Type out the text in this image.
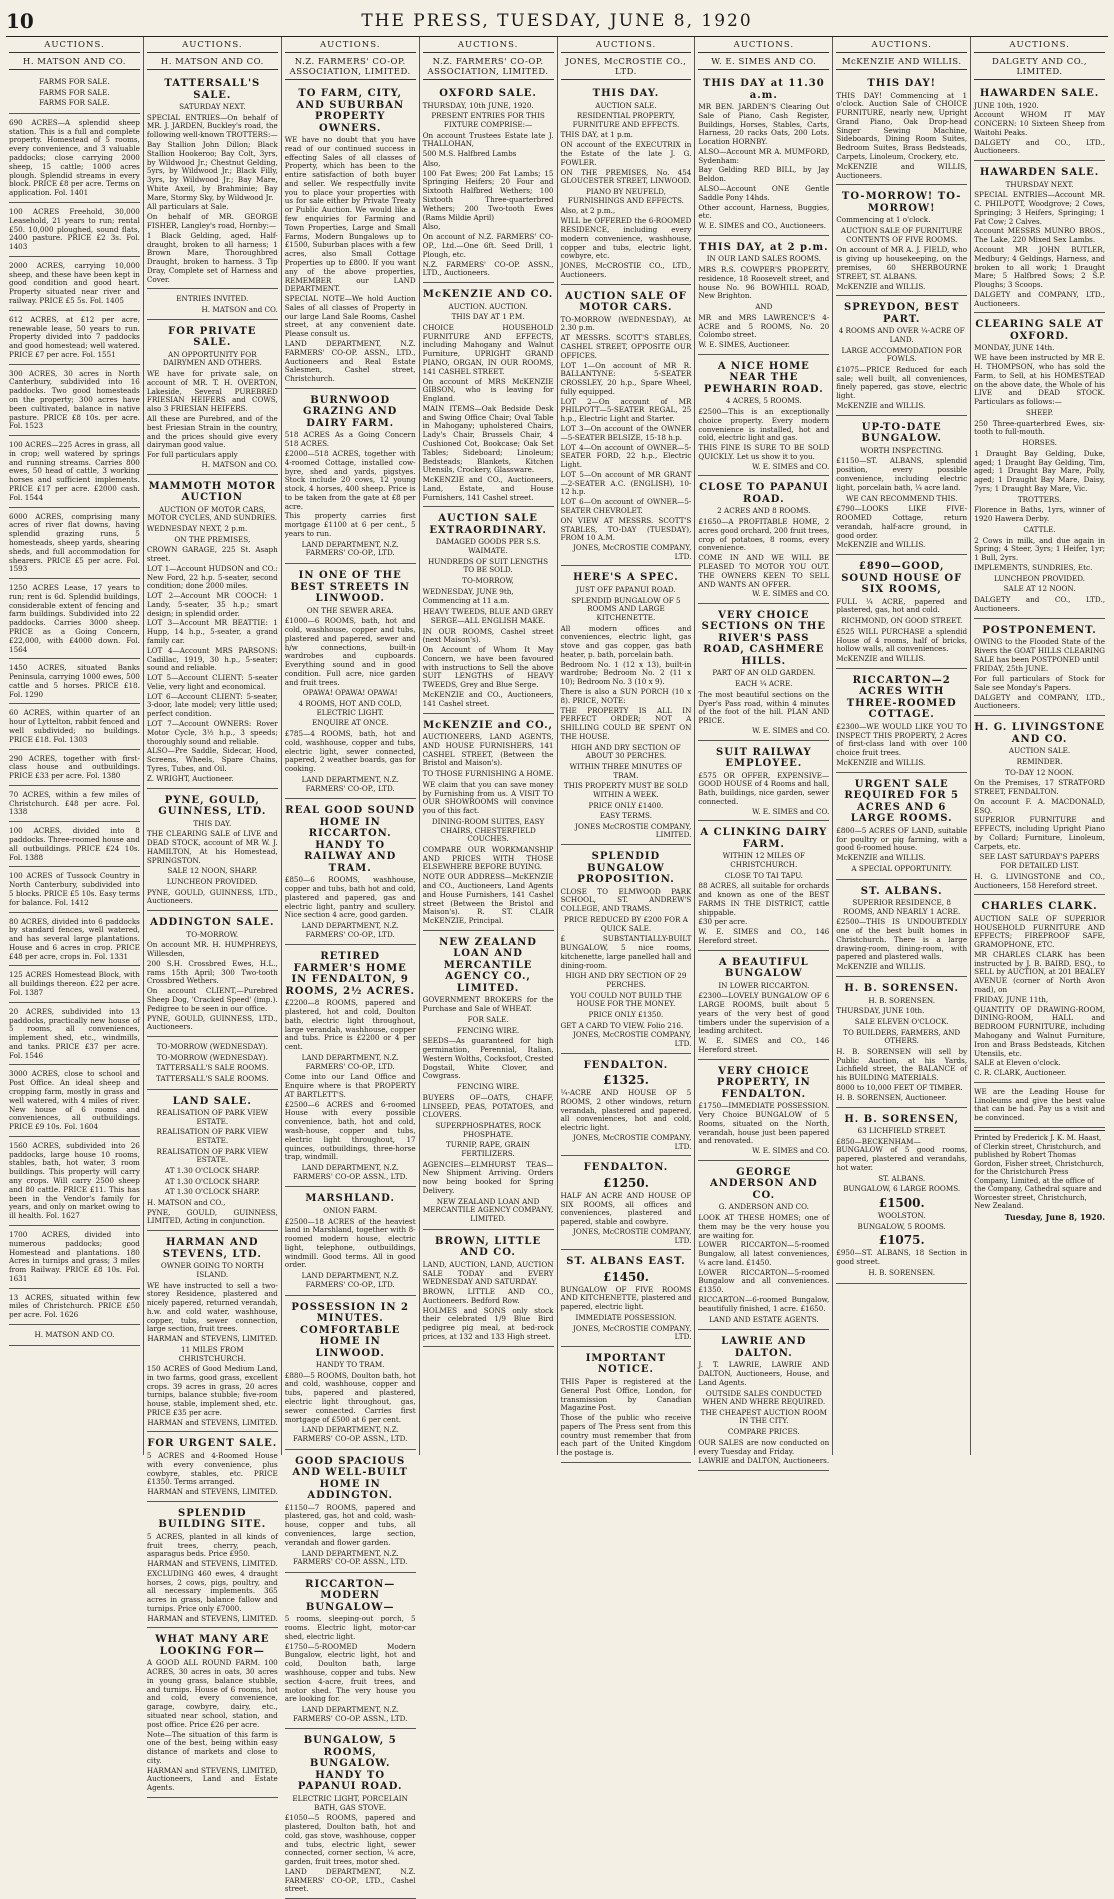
10	THE PRESS, TUESDAY, JUNE 8, 1920
AUCTIONS.
H. MATSON AND CO.
FARMS FOR SALE.
FARMS FOR SALE.
FARMS FOR SALE.
690 ACRES—A splendid sheep station. This is a full and complete property. Homestead of 5 rooms, every convenience, and 3 valuable paddocks; close carrying 2000 sheep, 15 cattle; 1000 acres plough. Splendid streams in every block. PRICE £8 per acre. Terms on application. Fol. 1401
100 ACRES Freehold, 30,000 Leasehold, 21 years to run; rental £50. 10,000 ploughed, sound flats, 2400 pasture. PRICE £2 3s. Fol. 1403
2000 ACRES, carrying 10,000 sheep, and these have been kept in good condition and good heart. Property situated near river and railway. PRICE £5 5s. Fol. 1405
612 ACRES, at £12 per acre, renewable lease, 50 years to run. Property divided into 7 paddocks and good homestead; well watered. PRICE £7 per acre. Fol. 1551
300 ACRES, 30 acres in North Canterbury, subdivided into 16 paddocks. Two good homesteads on the property; 300 acres have been cultivated, balance in native pasture. PRICE £8 10s. per acre. Fol. 1523
100 ACRES—225 Acres in grass, all in crop; well watered by springs and running streams. Carries 800 ewes, 50 head of cattle, 3 working horses and sufficient implements. PRICE £17 per acre. £2000 cash. Fol. 1544
6000 ACRES, comprising many acres of river flat downs, having splendid grazing runs, 5 homesteads, sheep yards, shearing sheds, and full accommodation for shearers. PRICE £5 per acre. Fol. 1593
1250 ACRES Lease, 17 years to run; rent is 6d. Splendid buildings, considerable extent of fencing and farm buildings. Subdivided into 22 paddocks. Carries 3000 sheep. PRICE as a Going Concern, £22,000, with £4000 down. Fol. 1564
1450 ACRES, situated Banks Peninsula, carrying 1000 ewes, 500 cattle and 5 horses. PRICE £18. Fol. 1290
60 ACRES, within quarter of an hour of Lyttelton, rabbit fenced and well subdivided; no buildings. PRICE £18. Fol. 1303
290 ACRES, together with first-class house and outbuildings. PRICE £33 per acre. Fol. 1380
70 ACRES, within a few miles of Christchurch. £48 per acre. Fol. 1338
100 ACRES, divided into 8 paddocks. Three-roomed house and all outbuildings. PRICE £24 10s. Fol. 1388
100 ACRES of Tussock Country in North Canterbury, subdivided into 5 blocks. PRICE £5 10s. Easy terms for balance. Fol. 1412
80 ACRES, divided into 6 paddocks by standard fences, well watered, and has several large plantations. House and 6 acres in crop. PRICE £48 per acre, crops in. Fol. 1331
125 ACRES Homestead Block, with all buildings thereon. £22 per acre. Fol. 1387
20 ACRES, subdivided into 13 paddocks, practically new house of 5 rooms, all conveniences, implement shed, etc., windmills, and tanks. PRICE £37 per acre. Fol. 1546
3000 ACRES, close to school and Post Office. An ideal sheep and cropping farm, mostly in grass and well watered, with 4 miles of river. New house of 6 rooms and conveniences, all outbuildings. PRICE £9 10s. Fol. 1604
1560 ACRES, subdivided into 26 paddocks, large house 10 rooms, stables, bath, hot water, 3 room buildings. This property will carry any crops. Will carry 2500 sheep and 80 cattle. PRICE £11. This has been in the Vendor's family for years, and only on market owing to ill health. Fol. 1627
1700 ACRES, divided into numerous paddocks; good Homestead and plantations. 180 Acres in turnips and grass; 3 miles from Railway. PRICE £8 10s. Fol. 1631
13 ACRES, situated within few miles of Christchurch. PRICE £50 per acre. Fol. 1626
H. MATSON AND CO.
AUCTIONS.
H. MATSON AND CO.
TATTERSALL'S SALE.
SATURDAY NEXT.
SPECIAL ENTRIES—On behalf of MR. J. JARDEN, Buckley's road, the following well-known TROTTERS:—
Bay Stallion John Dillon; Black Stallion Hookeroo; Bay Colt, 3yrs, by Wildwood Jr.; Chestnut Gelding, 5yrs, by Wildwood Jr.; Black Filly, 3yrs, by Wildwood Jr.; Bay Mare, White Axeil, by Brahminie; Bay Mare, Stormy Sky, by Wildwood Jr.
All particulars at Sale.
On behalf of MR. GEORGE FISHER, Langley's road, Hornby:—
1 Black Gelding, aged, Half-draught, broken to all harness; 1 Brown Mare, Thoroughbred Draught, broken to harness. 3 Tip Dray, Complete set of Harness and Cover.
ENTRIES INVITED.
H. MATSON and CO.
FOR PRIVATE SALE.
AN OPPORTUNITY FOR DAIRYMEN AND OTHERS.
WE have for private sale, on account of MR. T. H. OVERTON, Lakeside, Several PUREBRED FRIESIAN HEIFERS and COWS, also 3 FRIESIAN HEIFERS.
All these are Purebred, and of the best Friesian Strain in the country, and the prices should give every dairyman good value.
For full particulars apply
H. MATSON and CO.
MAMMOTH MOTOR AUCTION
AUCTION OF MOTOR CARS, MOTOR CYCLES, AND SUNDRIES.
WEDNESDAY NEXT, 2 p.m.
ON THE PREMISES,
CROWN GARAGE, 225 St. Asaph street.
LOT 1—Account HUDSON and CO.: New Ford, 22 h.p. 5-seater, second condition; done 2000 miles.
LOT 2—Account MR COOCH: 1 Landy, 5-seater, 35 h.p.; smart design; in splendid order.
LOT 3—Account MR BEATTIE: 1 Hupp, 14 h.p., 5-seater, a grand family car.
LOT 4—Account MRS PARSONS: Cadillac, 1919, 30 h.p., 5-seater; sound and reliable.
LOT 5—Account CLIENT: 5-seater Velie, very light and economical.
LOT 6—Account CLIENT: 5-seater, 3-door, late model; very little used; perfect condition.
LOT 7—Account OWNERS: Rover Motor Cycle, 3½ h.p., 3 speeds; thoroughly sound and reliable.
ALSO—Pre Saddle, Sidecar, Hood, Screens, Wheels, Spare Chains, Tyres, Tubes, and Oil.
Z. WRIGHT, Auctioneer.
PYNE, GOULD, GUINNESS, LTD.
THIS DAY.
THE CLEARING SALE of LIVE and DEAD STOCK, account of MR W. J. HAMILTON, At his Homestead, SPRINGSTON.
SALE 12 NOON, SHARP.
LUNCHEON PROVIDED.
PYNE, GOULD, GUINNESS, LTD., Auctioneers.
ADDINGTON SALE.
TO-MORROW.
On account MR. H. HUMPHREYS, Willesden,
200 S.H. Crossbred Ewes, H.L., rams 15th April; 300 Two-tooth Crossbred Wethers.
On account CLIENT,—Purebred Sheep Dog, 'Cracked Speed' (imp.). Pedigree to be seen in our office.
PYNE, GOULD, GUINNESS, LTD., Auctioneers.
TO-MORROW (WEDNESDAY).
TO-MORROW (WEDNESDAY).
TATTERSALL'S SALE ROOMS.
TATTERSALL'S SALE ROOMS.
LAND SALE.
REALISATION OF PARK VIEW ESTATE.
REALISATION OF PARK VIEW ESTATE.
REALISATION OF PARK VIEW ESTATE.
AT 1.30 O'CLOCK SHARP.
AT 1.30 O'CLOCK SHARP.
AT 1.30 O'CLOCK SHARP.
H. MATSON and CO.,
PYNE, GOULD, GUINNESS, LIMITED, Acting in conjunction.
HARMAN AND STEVENS, LTD.
OWNER GOING TO NORTH ISLAND.
WE have instructed to sell a two-storey Residence, plastered and nicely papered, returned verandah, h.w. and cold water, washhouse, copper, tubs, sewer connection, large section, fruit trees.
HARMAN and STEVENS, LIMITED.
11 MILES FROM CHRISTCHURCH.
150 ACRES of Good Medium Land, in two farms, good grass, excellent crops. 39 acres in grass, 20 acres turnips, balance stubble; five-room house, stable, implement shed, etc. PRICE £35 per acre.
HARMAN and STEVENS, LIMITED.
FOR URGENT SALE.
5 ACRES and 4-Roomed House with every convenience, plus cowbyre, stables, etc. PRICE £1350. Terms arranged.
HARMAN and STEVENS, LIMITED.
SPLENDID BUILDING SITE.
5 ACRES, planted in all kinds of fruit trees, cherry, peach, asparagus beds. Price £950.
HARMAN and STEVENS, LIMITED.
EXCLUDING 460 ewes, 4 draught horses, 2 cows, pigs, poultry, and all necessary implements. 365 acres in grass, balance fallow and turnips. Price only £7000.
HARMAN and STEVENS, LIMITED.
WHAT MANY ARE LOOKING FOR—
A GOOD ALL ROUND FARM. 100 ACRES, 30 acres in oats, 30 acres in young grass, balance stubble, and turnips. House of 6 rooms, hot and cold, every convenience, garage, cowbyre, dairy, etc., situated near school, station, and post office. Price £26 per acre.
Note—The situation of this farm is one of the best, being within easy distance of markets and close to city.
HARMAN and STEVENS, LIMITED, Auctioneers, Land and Estate Agents.
AUCTIONS.
N.Z. FARMERS' CO-OP. ASSOCIATION, LIMITED.
TO FARM, CITY, AND SUBURBAN PROPERTY OWNERS.
WE have no doubt that you have read of our continued success in effecting Sales of all classes of Property, which has been to the entire satisfaction of both buyer and seller. We respectfully invite you to place your properties with us for sale either by Private Treaty or Public Auction. We would like a few enquiries for Farming and Town Properties, Large and Small Farms, Modern Bungalows up to £1500, Suburban places with a few acres, also Small Cottage Properties up to £800. If you want any of the above properties, REMEMBER our LAND DEPARTMENT.
SPECIAL NOTE—We hold Auction Sales of all classes of Property in our large Land Sale Rooms, Cashel street, at any convenient date. Please consult us.
LAND DEPARTMENT, N.Z. FARMERS' CO-OP. ASSN., LTD., Auctioneers and Real Estate Salesmen, Cashel street, Christchurch.
BURNWOOD GRAZING AND DAIRY FARM.
518 ACRES As a Going Concern 518 ACRES.
£2000—518 ACRES, together with 4-roomed Cottage, installed cow-byre, shed and yards, pigstyes. Stock include 20 cows, 12 young stock, 4 horses, 400 sheep. Price is to be taken from the gate at £8 per acre.
This property carries first mortgage £1100 at 6 per cent., 5 years to run.
LAND DEPARTMENT, N.Z. FARMERS' CO-OP., LTD.
IN ONE OF THE BEST STREETS IN LINWOOD.
ON THE SEWER AREA.
£1000—6 ROOMS, bath, hot and cold, washhouse, copper and tubs, plastered and papered, sewer and h/w connections, built-in wardrobes and cupboards. Everything sound and in good condition. Full acre, nice garden and fruit trees.
OPAWA! OPAWA! OPAWA!
4 ROOMS, HOT AND COLD, ELECTRIC LIGHT.
ENQUIRE AT ONCE.
£785—4 ROOMS, bath, hot and cold, washhouse, copper and tubs, electric light, sewer connected, papered, 2 weather boards, gas for cooking.
LAND DEPARTMENT, N.Z. FARMERS' CO-OP., LTD.
REAL GOOD SOUND HOME IN RICCARTON. HANDY TO RAILWAY AND TRAM.
£850—6 ROOMS, washhouse, copper and tubs, bath hot and cold, plastered and papered, gas and electric light, pantry and scullery. Nice section 4 acre, good garden.
LAND DEPARTMENT, N.Z. FARMERS' CO-OP., LTD.
RETIRED FARMER'S HOME IN FENDALTON, 9 ROOMS, 2½ ACRES.
£2200—8 ROOMS, papered and plastered, hot and cold, Doulton bath, electric light throughout, large verandah, washhouse, copper and tubs. Price is £2200 or 4 per cent.
LAND DEPARTMENT, N.Z. FARMERS' CO-OP., LTD.
Come into our Land Office and Enquire where is that PROPERTY AT BARTLETT'S.
£2500—6 ACRES and 6-roomed House with every possible convenience, bath, hot and cold, wash-house, copper and tubs, electric light throughout, 17 quinces, outbuildings, three-horse trap, windmill.
LAND DEPARTMENT, N.Z. FARMERS' CO-OP. ASSN., LTD.
MARSHLAND.
ONION FARM.
£2500—18 ACRES of the heaviest land in Marshland, together with 8-roomed modern house, electric light, telephone, outbuildings, windmill. Good terms. All in good order.
LAND DEPARTMENT, N.Z. FARMERS' CO-OP., LTD.
POSSESSION IN 2 MINUTES. COMFORTABLE HOME IN LINWOOD.
HANDY TO TRAM.
£880—5 ROOMS, Doulton bath, hot and cold, washhouse, copper and tubs, papered and plastered, electric light throughout, gas, sewer connected. Carries first mortgage of £500 at 6 per cent.
LAND DEPARTMENT, N.Z. FARMERS' CO-OP. ASSN., LTD.
GOOD SPACIOUS AND WELL-BUILT HOME IN ADDINGTON.
£1150—7 ROOMS, papered and plastered, gas, hot and cold, wash-house, copper and tubs, all conveniences, large section, verandah and flower garden.
LAND DEPARTMENT, N.Z. FARMERS' CO-OP. ASSN., LTD.
RICCARTON—MODERN BUNGALOW—
5 rooms, sleeping-out porch, 5 rooms. Electric light, motor-car shed, electric light.
£1750—5-ROOMED Modern Bungalow, electric light, hot and cold, Doulton bath, large washhouse, copper and tubs. New section 4-acre, fruit trees, and motor shed. The very house you are looking for.
LAND DEPARTMENT, N.Z. FARMERS' CO-OP. ASSN., LTD.
BUNGALOW, 5 ROOMS, BUNGALOW. HANDY TO PAPANUI ROAD.
ELECTRIC LIGHT, PORCELAIN BATH, GAS STOVE.
£1050—5 ROOMS, papered and plastered, Doulton bath, hot and cold, gas stove, washhouse, copper and tubs, electric light, sewer connected, corner section, ¼ acre, garden, fruit trees, motor shed.
LAND DEPARTMENT, N.Z. FARMERS' CO-OP., LTD., Cashel street.
AUCTIONS.
N.Z. FARMERS' CO-OP. ASSOCIATION, LIMITED.
OXFORD SALE.
THURSDAY, 10th JUNE, 1920.
PRESENT ENTRIES FOR THIS FIXTURE COMPRISE:—
On account Trustees Estate late J. THALLOHAN,
500 M.S. Halfbred Lambs
Also,
100 Fat Ewes; 200 Fat Lambs; 15 Springing Heifers; 20 Four and Sixtooth Halfbred Wethers; 100 Sixtooth Three-quarterbred Wethers; 200 Two-tooth Ewes (Rams Mildie April)
Also,
On account of N.Z. FARMERS' CO-OP., Ltd.—One 6ft. Seed Drill, 1 Plough, etc.
N.Z. FARMERS' CO-OP. ASSN., LTD., Auctioneers.
McKENZIE AND CO.
AUCTION. AUCTION.
THIS DAY AT 1 P.M.
CHOICE HOUSEHOLD FURNITURE AND EFFECTS, including Mahogany and Walnut Furniture, UPRIGHT GRAND PIANO, ORGAN, IN OUR ROOMS, 141 CASHEL STREET.
On account of MRS McKENZIE GIBSON, who is leaving for England.
MAIN ITEMS—Oak Bedside Desk and Swing Office Chair; Oval Table in Mahogany; upholstered Chairs, Lady's Chair, Brussels Chair, 4 Cushioned Cot, Bookcase; Oak Set Tables; Sideboard; Linoleum; Bedsteads; Blankets, Kitchen Utensils, Crockery, Glassware.
McKENZIE and CO., Auctioneers, Land, Estate, and House Furnishers, 141 Cashel street.
AUCTION SALE EXTRAORDINARY.
DAMAGED GOODS PER S.S. WAIMATE.
HUNDREDS OF SUIT LENGTHS TO BE SOLD.
TO-MORROW,
WEDNESDAY, JUNE 9th,
Commencing at 11 a.m.
HEAVY TWEEDS, BLUE AND GREY SERGE—ALL ENGLISH MAKE.
IN OUR ROOMS, Cashel street (next Maison's).
On Account of Whom It May Concern, we have been favoured with instructions to Sell the above SUIT LENGTHS of HEAVY TWEEDS, Grey and Blue Serge.
McKENZIE and CO., Auctioneers, 141 Cashel street.
McKENZIE and CO.,
AUCTIONEERS, LAND AGENTS, AND HOUSE FURNISHERS, 141 CASHEL STREET, (Between the Bristol and Maison's).
TO THOSE FURNISHING A HOME.
WE claim that you can save money by Furnishing from us. A VISIT TO OUR SHOWROOMS will convince you of this fact.
DINING-ROOM SUITES, EASY CHAIRS, CHESTERFIELD COUCHES.
COMPARE OUR WORKMANSHIP AND PRICES WITH THOSE ELSEWHERE BEFORE BUYING.
NOTE OUR ADDRESS—McKENZIE and CO., Auctioneers, Land Agents and House Furnishers, 141 Cashel street (Between the Bristol and Maison's). R. ST. CLAIR McKENZIE, Principal.
NEW ZEALAND LOAN AND MERCANTILE AGENCY CO., LIMITED.
GOVERNMENT BROKERS for the Purchase and Sale of WHEAT.
FOR SALE.
FENCING WIRE.
SEEDS—As guaranteed for high germination, Perennial, Italian, Western Wolths, Cocksfoot, Crested Dogstail, White Clover, and Cowgrass.
FENCING WIRE.
BUYERS OF—OATS, CHAFF, LINSEED, PEAS, POTATOES, and CLOVERS.
SUPERPHOSPHATES, ROCK PHOSPHATE.
TURNIP, RAPE, GRAIN FERTILIZERS.
AGENCIES—ELMHURST TEAS—New Shipment Arriving. Orders now being booked for Spring Delivery.
NEW ZEALAND LOAN AND MERCANTILE AGENCY COMPANY, LIMITED.
BROWN, LITTLE AND CO.
LAND, AUCTION, LAND, AUCTION SALE TODAY and EVERY WEDNESDAY AND SATURDAY.
BROWN, LITTLE AND CO., Auctioneers. Bedford Row.
HOLMES and SONS only stock their celebrated 1/9 Blue Bird pedigree pig meal, at bed-rock prices, at 132 and 133 High street.
AUCTIONS.
JONES, McCROSTIE CO., LTD.
THIS DAY.
AUCTION SALE.
RESIDENTIAL PROPERTY, FURNITURE AND EFFECTS.
THIS DAY, at 1 p.m.
ON account of the EXECUTRIX in the Estate of the late J. G. FOWLER.
ON THE PREMISES, No. 454 GLOUCESTER STREET, LINWOOD.
PIANO BY NEUFELD, FURNISHINGS AND EFFECTS.
Also, at 2 p.m.,
WILL be OFFERED the 6-ROOMED RESIDENCE, including every modern convenience, washhouse, copper and tubs, electric light, cowbyre, etc.
JONES, McCROSTIE CO., LTD., Auctioneers.
AUCTION SALE OF MOTOR CARS.
TO-MORROW (WEDNESDAY), At 2.30 p.m.
AT MESSRS. SCOTT'S STABLES, CASHEL STREET, OPPOSITE OUR OFFICES.
LOT 1—On account of MR R. BALLANTYNE: 5-SEATER CROSSLEY, 20 h.p., Spare Wheel, fully equipped.
LOT 2—On account of MR PHILPOTT—5-SEATER REGAL, 25 h.p., Electric Light and Starter.
LOT 3—On account of the OWNER—5-SEATER BELSIZE, 15-18 h.p.
LOT 4—On account of OWNER—5-SEATER FORD, 22 h.p., Electric Light.
LOT 5—On account of MR GRANT—2-SEATER A.C. (ENGLISH), 10-12 h.p.
LOT 6—On account of OWNER—5-SEATER CHEVROLET.
ON VIEW AT MESSRS. SCOTT'S STABLES, TO-DAY (TUESDAY), FROM 10 A.M.
JONES, McCROSTIE COMPANY, LTD.
HERE'S A SPEC.
JUST OFF PAPANUI ROAD.
SPLENDID BUNGALOW OF 5 ROOMS AND LARGE KITCHENETTE.
All modern offices and conveniences, electric light, gas stove and gas copper, gas bath heater, p. bath, porcelain bath.
Bedroom No. 1 (12 x 13), built-in wardrobe; Bedroom No. 2 (11 x 10); Bedroom No. 3 (10 x 9).
There is also a SUN PORCH (10 x 8). PRICE, NOTE:
THE PROPERTY IS ALL IN PERFECT ORDER; NOT A SHILLING COULD BE SPENT ON THE HOUSE.
HIGH AND DRY SECTION OF ABOUT 30 PERCHES.
WITHIN THREE MINUTES OF TRAM.
THIS PROPERTY MUST BE SOLD WITHIN A WEEK.
PRICE ONLY £1400.
EASY TERMS.
JONES McCROSTIE COMPANY, LIMITED.
SPLENDID BUNGALOW PROPOSITION.
CLOSE TO ELMWOOD PARK SCHOOL, ST. ANDREW'S COLLEGE, AND TRAMS.
PRICE REDUCED BY £200 FOR A QUICK SALE.
£ SUBSTANTIALLY-BUILT BUNGALOW, 5 nice rooms, kitchenette, large panelled hall and dining-room.
HIGH AND DRY SECTION OF 29 PERCHES.
YOU COULD NOT BUILD THE HOUSE FOR THE MONEY.
PRICE ONLY £1350.
GET A CARD TO VIEW. Folio 216.
JONES, McCROSTIE COMPANY, LTD.
FENDALTON.
£1325.
¼-ACRE AND HOUSE OF 5 ROOMS, 2 other windows, return verandah, plastered and papered, all conveniences, hot and cold, electric light.
JONES, McCROSTIE COMPANY, LTD.
FENDALTON.
£1250.
HALF AN ACRE AND HOUSE OF SIX ROOMS, all offices and conveniences, plastered and papered, stable and cowbyre.
JONES, McCROSTIE COMPANY, LTD.
ST. ALBANS EAST.
£1450.
BUNGALOW OF FIVE ROOMS AND KITCHENETTE, plastered and papered, electric light.
IMMEDIATE POSSESSION.
JONES, McCROSTIE COMPANY, LTD.
IMPORTANT NOTICE.
THIS Paper is registered at the General Post Office, London, for transmission by Canadian Magazine Post.
Those of the public who receive papers of The Press sent from this country must remember that from each part of the United Kingdom the postage is.
AUCTIONS.
W. E. SIMES AND CO.
THIS DAY at 11.30 a.m.
MR BEN. JARDEN'S Clearing Out Sale of Piano, Cash Register, Buildings, Horses, Stables, Carts, Harness, 20 racks Oats, 200 Lots. Location HORNBY.
ALSO—Account MR A. MUMFORD, Sydenham:
Bay Gelding RED BILL, by Jay Beldon.
ALSO—Account ONE Gentle Saddle Pony 14hds.
Other account, Harness, Buggies, etc.
W. E. SIMES and CO., Auctioneers.
THIS DAY, at 2 p.m.
IN OUR LAND SALES ROOMS.
MRS R.S. COWPER'S PROPERTY, residence, 18 Roosevelt street, and house No. 96 BOWHILL ROAD, New Brighton.
AND
MR and MRS LAWRENCE'S 4-ACRE and 5 ROOMS, No. 20 Colombo street.
W. E. SIMES, Auctioneer.
A NICE HOME NEAR THE PEWHARIN ROAD.
4 ACRES, 5 ROOMS.
£2500—This is an exceptionally choice property. Every modern convenience is installed, hot and cold, electric light and gas.
THIS FINE IS SURE TO BE SOLD QUICKLY. Let us show it to you.
W. E. SIMES and CO.
CLOSE TO PAPANUI ROAD.
2 ACRES AND 8 ROOMS.
£1650—A PROFITABLE HOME, 2 acres good orchard, 200 fruit trees, crop of potatoes, 8 rooms, every convenience.
COME IN AND WE WILL BE PLEASED TO MOTOR YOU OUT. THE OWNERS KEEN TO SELL AND WANTS AN OFFER.
W. E. SIMES and CO.
VERY CHOICE SECTIONS ON THE RIVER'S PASS ROAD, CASHMERE HILLS.
PART OF AN OLD GARDEN.
EACH ¼ ACRE.
The most beautiful sections on the Dyer's Pass road, within 4 minutes of the foot of the hill. PLAN AND PRICE.
W. E. SIMES and CO.
SUIT RAILWAY EMPLOYEE.
£575 OR OFFER, EXPENSIVE—GOOD HOUSE of 4 Rooms and hall, Bath, buildings, nice garden, sewer connected.
W. E. SIMES and CO.
A CLINKING DAIRY FARM.
WITHIN 12 MILES OF CHRISTCHURCH.
CLOSE TO TAI TAPU.
88 ACRES, all suitable for orchards and known as one of the BEST FARMS IN THE DISTRICT, cattle shippable.
£30 per acre.
W. E. SIMES and CO., 146 Hereford street.
A BEAUTIFUL BUNGALOW
IN LOWER RICCARTON.
£2300—LOVELY BUNGALOW OF 6 LARGE ROOMS, built about 5 years of the very best of good timbers under the supervision of a leading architect.
W. E. SIMES and CO., 146 Hereford street.
VERY CHOICE PROPERTY, IN FENDALTON.
£1750—IMMEDIATE POSSESSION. Very Choice BUNGALOW of 5 Rooms, situated on the North, verandah, house just been papered and renovated.
W. E. SIMES and CO.
GEORGE ANDERSON AND CO.
G. ANDERSON AND CO.
LOOK AT THESE HOMES; one of them may be the very house you are waiting for.
LOWER RICCARTON—5-roomed Bungalow, all latest conveniences, ¼ acre land. £1450.
LOWER RICCARTON—5-roomed Bungalow and all conveniences. £1350.
RICCARTON—6-roomed Bungalow, beautifully finished, 1 acre. £1650.
LAND AND ESTATE AGENTS.
LAWRIE AND DALTON.
J. T. LAWRIE, LAWRIE AND DALTON, Auctioneers, House, and Land Agents.
OUTSIDE SALES CONDUCTED WHEN AND WHERE REQUIRED.
THE CHEAPEST AUCTION ROOM IN THE CITY.
COMPARE PRICES.
OUR SALES are now conducted on every Tuesday and Friday.
LAWRIE and DALTON, Auctioneers.
AUCTIONS.
McKENZIE AND WILLIS.
THIS DAY!
THIS DAY! Commencing at 1 o'clock. Auction Sale of CHOICE FURNITURE, nearly new, Upright Grand Piano, Oak Drop-head Singer Sewing Machine, Sideboards, Dining Room Suites, Bedroom Suites, Brass Bedsteads, Carpets, Linoleum, Crockery, etc.
McKENZIE and WILLIS, Auctioneers.
TO-MORROW! TO-MORROW!
Commencing at 1 o'clock.
AUCTION SALE OF FURNITURE CONTENTS OF FIVE ROOMS.
On account of MR A. J. FIELD, who is giving up housekeeping, on the premises, 60 SHERBOURNE STREET, ST. ALBANS.
McKENZIE and WILLIS.
SPREYDON, BEST PART.
4 ROOMS AND OVER ¼-ACRE OF LAND.
LARGE ACCOMMODATION FOR FOWLS.
£1075—PRICE Reduced for each sale; well built, all conveniences, finely papered, gas stove, electric light.
McKENZIE and WILLIS.
UP-TO-DATE BUNGALOW.
WORTH INSPECTING.
£1150—ST. ALBANS, splendid position, every possible convenience, including electric light, porcelain bath, ¼ acre land.
WE CAN RECOMMEND THIS.
£790—LOOKS LIKE FIVE-ROOMED Cottage, return verandah, half-acre ground, in good order.
McKENZIE and WILLIS.
£890—GOOD, SOUND HOUSE OF SIX ROOMS,
FULL ¼ ACRE, papered and plastered, gas, hot and cold.
RICHMOND, ON GOOD STREET.
£525 WILL PURCHASE a splendid House of 4 rooms, half of bricks, hollow walls, all conveniences.
McKENZIE and WILLIS.
RICCARTON—2 ACRES WITH THREE-ROOMED COTTAGE.
£2300—WE WOULD LIKE YOU TO INSPECT THIS PROPERTY, 2 Acres of first-class land with over 100 choice fruit trees.
McKENZIE and WILLIS.
URGENT SALE REQUIRED FOR 5 ACRES AND 6 LARGE ROOMS.
£800—5 ACRES OF LAND, suitable for poultry or pig farming, with a good 6-roomed house.
McKENZIE and WILLIS.
A SPECIAL OPPORTUNITY.
ST. ALBANS.
SUPERIOR RESIDENCE, 8 ROOMS, AND NEARLY 1 ACRE.
£2500—THIS IS UNDOUBTEDLY one of the best built homes in Christchurch. There is a large drawing-room, dining-room, with papered and plastered walls.
McKENZIE and WILLIS.
H. B. SORENSEN.
H. B. SORENSEN.
THURSDAY, JUNE 10th.
SALE ELEVEN O'CLOCK.
TO BUILDERS, FARMERS, AND OTHERS.
H. B. SORENSEN will sell by Public Auction, at his Yards, Lichfield street, the BALANCE of his BUILDING MATERIALS.
8000 to 10,000 FEET OF TIMBER.
H. B. SORENSEN, Auctioneer.
H. B. SORENSEN,
63 LICHFIELD STREET.
£850—BECKENHAM—BUNGALOW of 5 good rooms, papered, plastered and verandahs, hot water.
ST. ALBANS.
BUNGALOW, 6 LARGE ROOMS.
£1500.
WOOLSTON.
BUNGALOW, 5 ROOMS.
£1075.
£950—ST. ALBANS, 18 Section in good street.
H. B. SORENSEN.
AUCTIONS.
DALGETY AND CO., LIMITED.
HAWARDEN SALE.
JUNE 10th, 1920.
Account WHOM IT MAY CONCERN: 10 Sixteen Sheep from Waitohi Peaks.
DALGETY and CO., LTD., Auctioneers.
HAWARDEN SALE.
THURSDAY NEXT.
SPECIAL ENTRIES—Account MR. C. PHILPOTT, Woodgrove; 2 Cows, Springing; 3 Heifers, Springing; 1 Fat Cow; 2 Calves.
Account MESSRS MUNRO BROS., The Lake, 220 Mixed Sex Lambs.
Account MR JOHN BUTLER, Medbury; 4 Geldings, Harness, and broken to all work; 1 Draught Mare; 5 Halfbred Sows; 2 S.P. Ploughs; 3 Scoops.
DALGETY and COMPANY, LTD., Auctioneers.
CLEARING SALE AT OXFORD.
MONDAY, JUNE 14th.
WE have been instructed by MR E. H. THOMPSON, who has sold the Farm, to Sell, at his HOMESTEAD on the above date, the Whole of his LIVE and DEAD STOCK. Particulars as follows:—
SHEEP.
250 Three-quarterbred Ewes, six-tooth to full-mouth.
HORSES.
1 Draught Bay Gelding, Duke, aged; 1 Draught Bay Gelding, Tim, aged; 1 Draught Bay Mare, Polly, aged; 1 Draught Bay Mare, Daisy, 7yrs; 1 Draught Bay Mare, Vic.
TROTTERS.
Florence in Baths, 1yrs, winner of 1920 Hawera Derby.
CATTLE.
2 Cows in milk, and due again in Spring; 4 Steer, 3yrs; 1 Heifer, 1yr; 1 Bull, 2yrs.
IMPLEMENTS, SUNDRIES, Etc.
LUNCHEON PROVIDED.
SALE AT 12 NOON.
DALGETY and CO., LTD., Auctioneers.
POSTPONEMENT.
OWING to the Flooded State of the Rivers the GOAT HILLS CLEARING SALE has been POSTPONED until
FRIDAY, 25th JUNE.
For full particulars of Stock for Sale see Monday's Papers.
DALGETY and COMPANY, LTD., Auctioneers.
H. G. LIVINGSTONE AND CO.
AUCTION SALE.
REMINDER.
TO-DAY 12 NOON.
On the Premises, 17 STRATFORD STREET, FENDALTON.
On account F. A. MACDONALD, ESQ.
SUPERIOR FURNITURE and EFFECTS, including Upright Piano by Collard; Furniture, Linoleum, Carpets, etc.
SEE LAST SATURDAY'S PAPERS FOR DETAILED LIST.
H. G. LIVINGSTONE and CO., Auctioneers, 158 Hereford street.
CHARLES CLARK.
AUCTION SALE OF SUPERIOR HOUSEHOLD FURNITURE AND EFFECTS; FIREPROOF SAFE, GRAMOPHONE, ETC.
MR CHARLES CLARK has been instructed by J. B. BAIRD, ESQ., to SELL by AUCTION, at 201 BEALEY AVENUE (corner of North Avon road), on
FRIDAY, JUNE 11th,
QUANTITY OF DRAWING-ROOM, DINING-ROOM, HALL and BEDROOM FURNITURE, including Mahogany and Walnut Furniture, Iron and Brass Bedsteads, Kitchen Utensils, etc.
SALE at Eleven o'clock.
C. R. CLARK, Auctioneer.
WE are the Leading House for Linoleums and give the best value that can be had. Pay us a visit and be convinced.
Printed by Frederick J. K. M. Haast, of Clerkin street, Christchurch, and published by Robert Thomas Gordon, Fisher street, Christchurch, for the Christchurch Press Company, Limited, at the office of the Company, Cathedral square and Worcester street, Christchurch, New Zealand.
Tuesday, June 8, 1920.
